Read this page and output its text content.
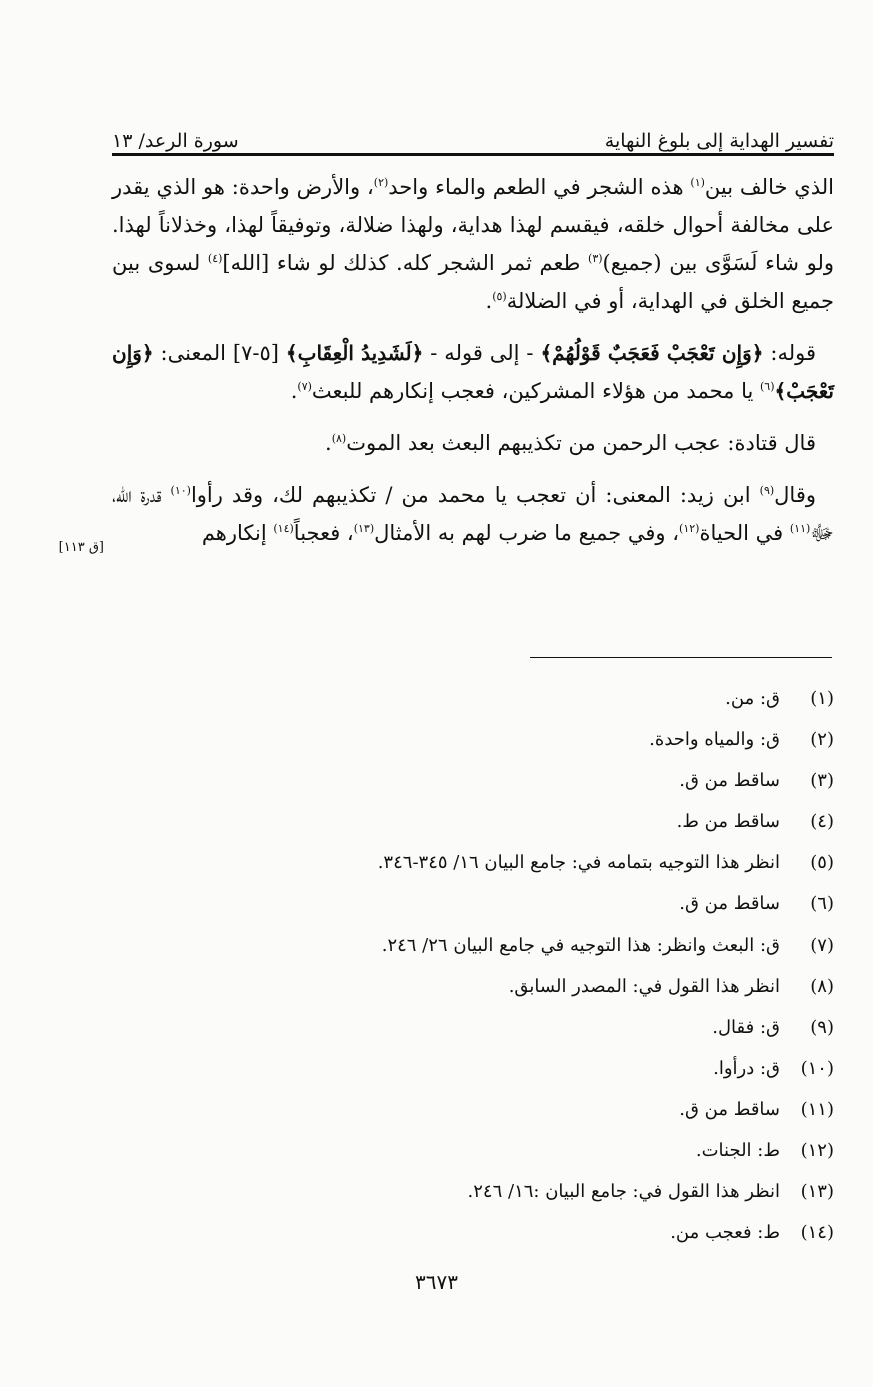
تفسير الهداية إلى بلوغ النهاية
سورة الرعد/ ١٣

الذي خالف بين$^{(١)}$ هذه الشجر في الطعم والماء واحد$^{(٢)}$، والأرض واحدة: هو الذي يقدر على مخالفة أحوال خلقه، فيقسم لهذا هداية، ولهذا ضلالة، وتوفيقاً لهذا، وخذلاناً لهذا. ولو شاء لَسَوَّى بين (جميع)$^{(٣)}$ طعم ثمر الشجر كله. كذلك لو شاء [الله]$^{(٤)}$ لسوى بين جميع الخلق في الهداية، أو في الضلالة$^{(٥)}$.

قوله: ﴿وَإِن تَعْجَبْ فَعَجَبٌ قَوْلُهُمْ﴾ - إلى قوله - ﴿لَشَدِيدُ الْعِقَابِ﴾ [٥-٧] المعنى: ﴿وَإِن تَعْجَبْ﴾$^{(٦)}$ يا محمد من هؤلاء المشركين، فعجب إنكارهم للبعث$^{(٧)}$.

قال قتادة: عجب الرحمن من تكذيبهم البعث بعد الموت$^{(٨)}$.

وقال$^{(٩)}$ ابن زيد: المعنى: أن تعجب يا محمد من / تكذيبهم لك، وقد رأوا$^{(١٠)}$ قدرة الله، ﷻ$^{(١١)}$ في الحياة$^{(١٢)}$، وفي جميع ما ضرب لهم به الأمثال$^{(١٣)}$، فعجباً$^{(١٤)}$ إنكارهم

[ق ١١٣]
(١)
ق: من.
(٢)
ق: والمياه واحدة.
(٣)
ساقط من ق.
(٤)
ساقط من ط.
(٥)
انظر هذا التوجيه بتمامه في: جامع البيان ١٦/ ٣٤٥-٣٤٦.
(٦)
ساقط من ق.
(٧)
ق: البعث وانظر: هذا التوجيه في جامع البيان ٢٦/ ٢٤٦.
(٨)
انظر هذا القول في: المصدر السابق.
(٩)
ق: فقال.
(١٠)
ق: درأوا.
(١١)
ساقط من ق.
(١٢)
ط: الجنات.
(١٣)
انظر هذا القول في: جامع البيان :١٦/ ٢٤٦.
(١٤)
ط: فعجب من.
٣٦٧٣
